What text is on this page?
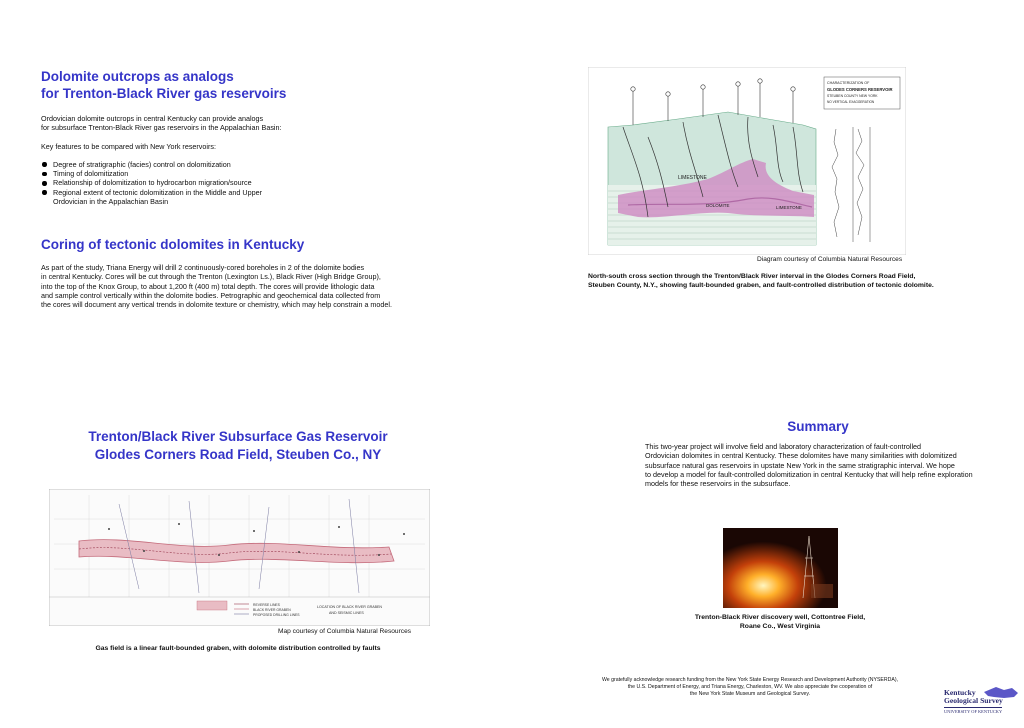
Dolomite outcrops as analogs
for Trenton-Black River gas reservoirs
Ordovician dolomite outcrops in central Kentucky can provide analogs
for subsurface Trenton-Black River gas reservoirs in the Appalachian Basin:
Key features to be compared with New York reservoirs:
Degree of stratigraphic (facies) control on dolomitization
Timing of dolomitization
Relationship of dolomitization to hydrocarbon migration/source
Regional extent of tectonic dolomitization in the Middle and Upper
Ordovician in the Appalachian Basin
Coring of tectonic dolomites in Kentucky
As part of the study, Triana Energy will drill 2 continuously-cored boreholes in 2 of the dolomite bodies
in central Kentucky. Cores will be cut through the Trenton (Lexington Ls.), Black River (High Bridge Group),
into the top of the Knox Group, to about 1,200 ft (400 m) total depth. The cores will provide lithologic data
and sample control vertically within the dolomite bodies. Petrographic and geochemical data collected from
the cores will document any vertical trends in dolomite texture or chemistry, which may help constrain a model.
LIMESTONE
DOLOMITE	LIMESTONE
CHARACTERIZATION OF
GLODES CORNERS RESERVOIR
STEUBEN COUNTY NEW YORK
NO VERTICAL EXAGGERATION
Diagram courtesy of Columbia Natural Resources
North-south cross section through the Trenton/Black River interval in the Glodes Corners Road Field,
Steuben County, N.Y., showing fault-bounded graben, and fault-controlled distribution of tectonic dolomite.
Trenton/Black River Subsurface Gas Reservoir
Glodes Corners Road Field, Steuben Co., NY
REVERSE LINES
BLACK RIVER GRABEN
PROPOSED DRILLING LINES
LOCATION OF BLACK RIVER GRABEN
AND SEISMIC LINES
Map courtesy of Columbia Natural Resources
Gas field is a linear fault-bounded graben, with dolomite distribution controlled by faults
Summary
This two-year project will involve field and laboratory characterization of fault-controlled
Ordovician dolomites in central Kentucky. These dolomites have many similarities with dolomitized
subsurface natural gas reservoirs in upstate New York in the same stratigraphic interval. We hope
to develop a model for fault-controlled dolomitization in central Kentucky that will help refine exploration
models for these reservoirs in the subsurface.
Trenton-Black River discovery well, Cottontree Field,
Roane Co., West Virginia
We gratefully acknowledge research funding from the New York State Energy Research and Development Authority (NYSERDA),
the U.S. Department of Energy, and Triana Energy, Charleston, WV. We also appreciate the cooperation of
the New York State Museum and Geological Survey.	Kentucky
Geological Survey
UNIVERSITY OF KENTUCKY
